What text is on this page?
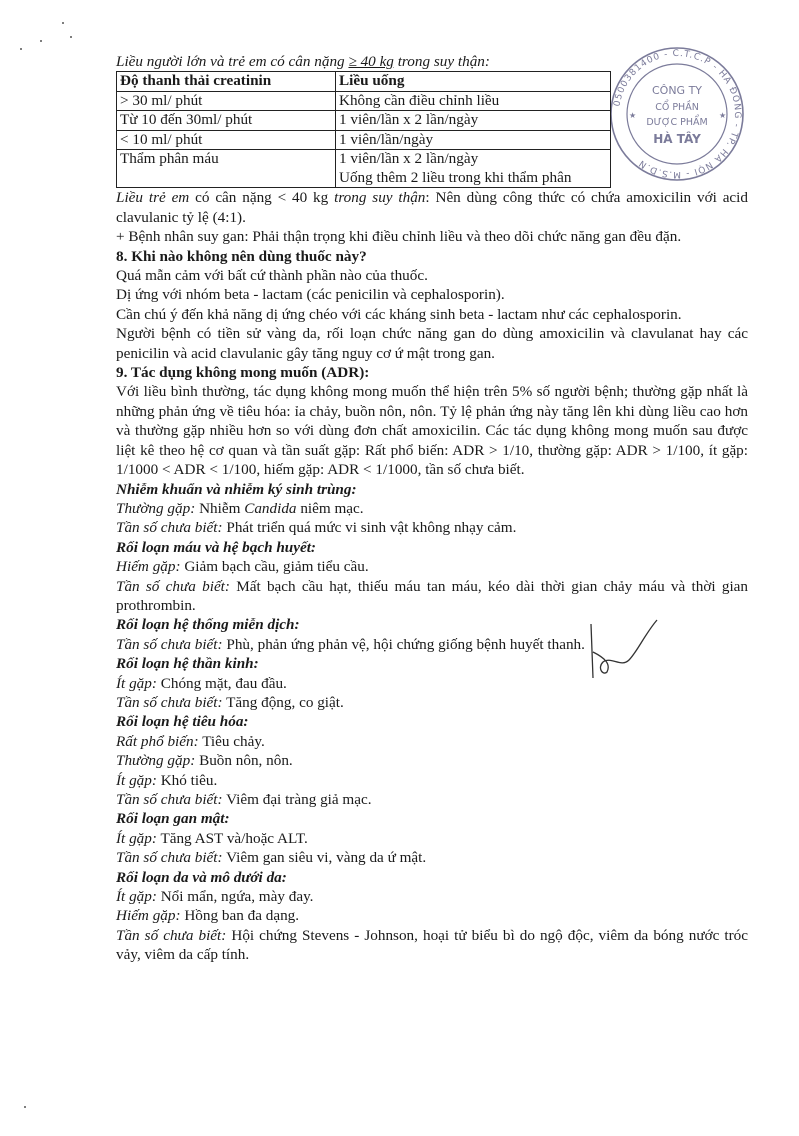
0500381400 - C.T.C.P - HÀ ĐÔNG - TP. HÀ NỘI - M.S.D.N
CÔNG TY
CỔ PHẦN
DƯỢC PHẨM
HÀ TÂY
★	★

Liều người lớn và trẻ em có cân nặng ≥ 40 kg trong suy thận:

Độ thanh thải creatinin	Liều uống
> 30 ml/ phút	Không cần điều chỉnh liều
Từ 10 đến 30ml/ phút	1 viên/lần x 2 lần/ngày
< 10 ml/ phút	1 viên/lần/ngày
Thẩm phân máu	1 viên/lần x 2 lần/ngày
Uống thêm 2 liều trong khi thẩm phân

Liều trẻ em có cân nặng < 40 kg trong suy thận: Nên dùng công thức có chứa amoxicilin với acid clavulanic tỷ lệ (4:1).

+ Bệnh nhân suy gan: Phải thận trọng khi điều chỉnh liều và theo dõi chức năng gan đều đặn.

8. Khi nào không nên dùng thuốc này?

Quá mẫn cảm với bất cứ thành phần nào của thuốc.

Dị ứng với nhóm beta - lactam (các penicilin và cephalosporin).

Cần chú ý đến khả năng dị ứng chéo với các kháng sinh beta - lactam như các cephalosporin.

Người bệnh có tiền sử vàng da, rối loạn chức năng gan do dùng amoxicilin và clavulanat hay các penicilin và acid clavulanic gây tăng nguy cơ ứ mật trong gan.

9. Tác dụng không mong muốn (ADR):

Với liều bình thường, tác dụng không mong muốn thể hiện trên 5% số người bệnh; thường gặp nhất là những phản ứng về tiêu hóa: ỉa chảy, buồn nôn, nôn. Tỷ lệ phản ứng này tăng lên khi dùng liều cao hơn và thường gặp nhiều hơn so với dùng đơn chất amoxicilin. Các tác dụng không mong muốn sau được liệt kê theo hệ cơ quan và tần suất gặp: Rất phổ biến: ADR > 1/10, thường gặp: ADR > 1/100, ít gặp: 1/1000 < ADR < 1/100, hiếm gặp: ADR < 1/1000, tần số chưa biết.

Nhiễm khuẩn và nhiễm ký sinh trùng:

Thường gặp: Nhiễm Candida niêm mạc.

Tần số chưa biết: Phát triển quá mức vi sinh vật không nhạy cảm.

Rối loạn máu và hệ bạch huyết:

Hiếm gặp: Giảm bạch cầu, giảm tiểu cầu.

Tần số chưa biết: Mất bạch cầu hạt, thiếu máu tan máu, kéo dài thời gian chảy máu và thời gian prothrombin.

Rối loạn hệ thống miễn dịch:

Tần số chưa biết: Phù, phản ứng phản vệ, hội chứng giống bệnh huyết thanh.

Rối loạn hệ thần kinh:

Ít gặp: Chóng mặt, đau đầu.

Tần số chưa biết: Tăng động, co giật.

Rối loạn hệ tiêu hóa:

Rất phổ biến: Tiêu chảy.

Thường gặp: Buồn nôn, nôn.

Ít gặp: Khó tiêu.

Tần số chưa biết: Viêm đại tràng giả mạc.

Rối loạn gan mật:

Ít gặp: Tăng AST và/hoặc ALT.

Tần số chưa biết: Viêm gan siêu vi, vàng da ứ mật.

Rối loạn da và mô dưới da:

Ít gặp: Nổi mẩn, ngứa, mày đay.

Hiếm gặp: Hồng ban đa dạng.

Tần số chưa biết: Hội chứng Stevens - Johnson, hoại tử biểu bì do ngộ độc, viêm da bóng nước tróc vảy, viêm da cấp tính.
